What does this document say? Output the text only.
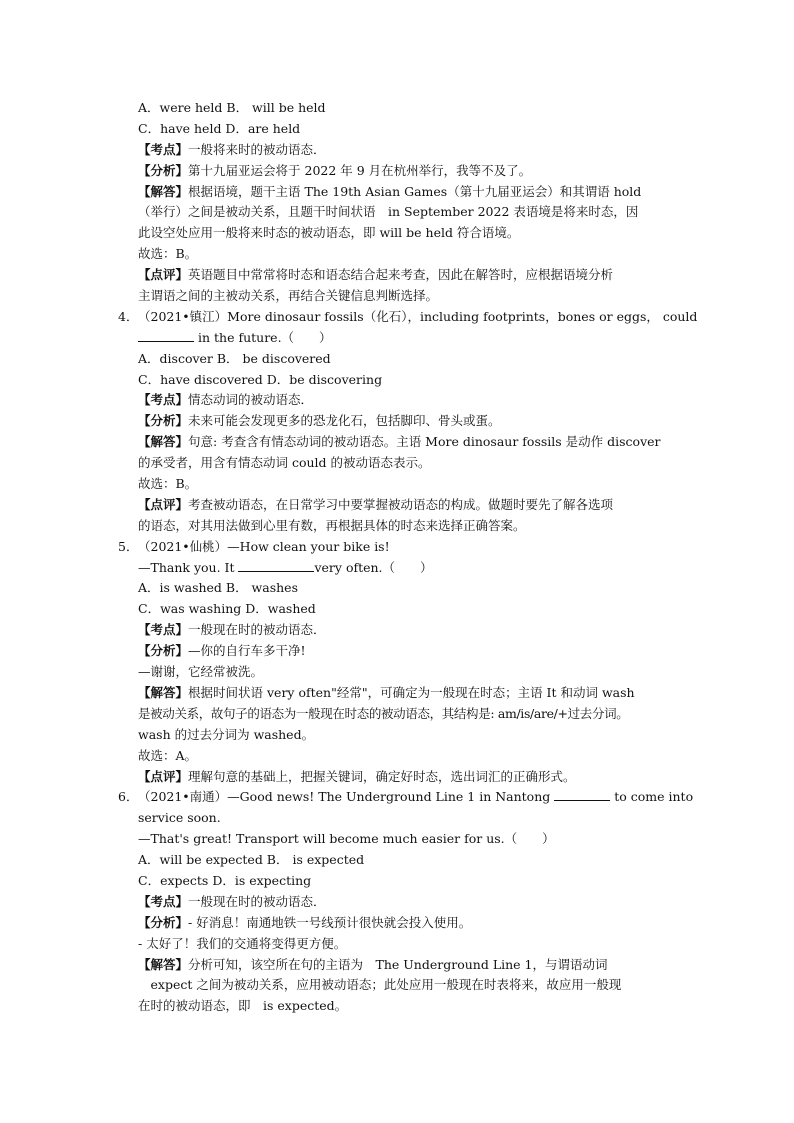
A．were held B． will be held
C．have held D．are held
【考点】一般将来时的被动语态．
【分析】第十九届亚运会将于 2022 年 9 月在杭州举行，我等不及了。
【解答】根据语境，题干主语 The 19th Asian Games（第十九届亚运会）和其谓语 hold
（举行）之间是被动关系，且题干时间状语　in September 2022 表语境是将来时态，因
此设空处应用一般将来时态的被动语态，即 will be held 符合语境。
故选：B。
【点评】英语题目中常常将时态和语态结合起来考查，因此在解答时，应根据语境分析
主谓语之间的主被动关系，再结合关键信息判断选择。
4．（2021•镇江）More dinosaur fossils（化石），including footprints，bones or eggs， could
in the future.（　　）
A．discover B． be discovered
C．have discovered D．be discovering
【考点】情态动词的被动语态．
【分析】未来可能会发现更多的恐龙化石，包括脚印、骨头或蛋。
【解答】句意: 考查含有情态动词的被动语态。主语 More dinosaur fossils 是动作 discover
的承受者，用含有情态动词 could 的被动语态表示。
故选：B。
【点评】考查被动语态，在日常学习中要掌握被动语态的构成。做题时要先了解各选项
的语态，对其用法做到心里有数，再根据具体的时态来选择正确答案。
5．（2021•仙桃）—How clean your bike is!
—Thank you. It	very often.（　　）
A．is washed B． washes
C．was washing D．washed
【考点】一般现在时的被动语态．
【分析】—你的自行车多干净!
—谢谢，它经常被洗。
【解答】根据时间状语 very often"经常"，可确定为一般现在时态；主语 It 和动词 wash
是被动关系，故句子的语态为一般现在时态的被动语态，其结构是: am/is/are/+过去分词。
wash 的过去分词为 washed。
故选：A。
【点评】理解句意的基础上，把握关键词，确定好时态，选出词汇的正确形式。
6．（2021•南通）—Good news! The Underground Line 1 in Nantong	to come into
service soon.
—That's great! Transport will become much easier for us.（　　）
A．will be expected B． is expected
C．expects D．is expecting
【考点】一般现在时的被动语态．
【分析】- 好消息！南通地铁一号线预计很快就会投入使用。
- 太好了！我们的交通将变得更方便。
【解答】分析可知，该空所在句的主语为　The Underground Line 1，与谓语动词
　expect 之间为被动关系，应用被动语态；此处应用一般现在时表将来，故应用一般现
在时的被动语态，即　is expected。
